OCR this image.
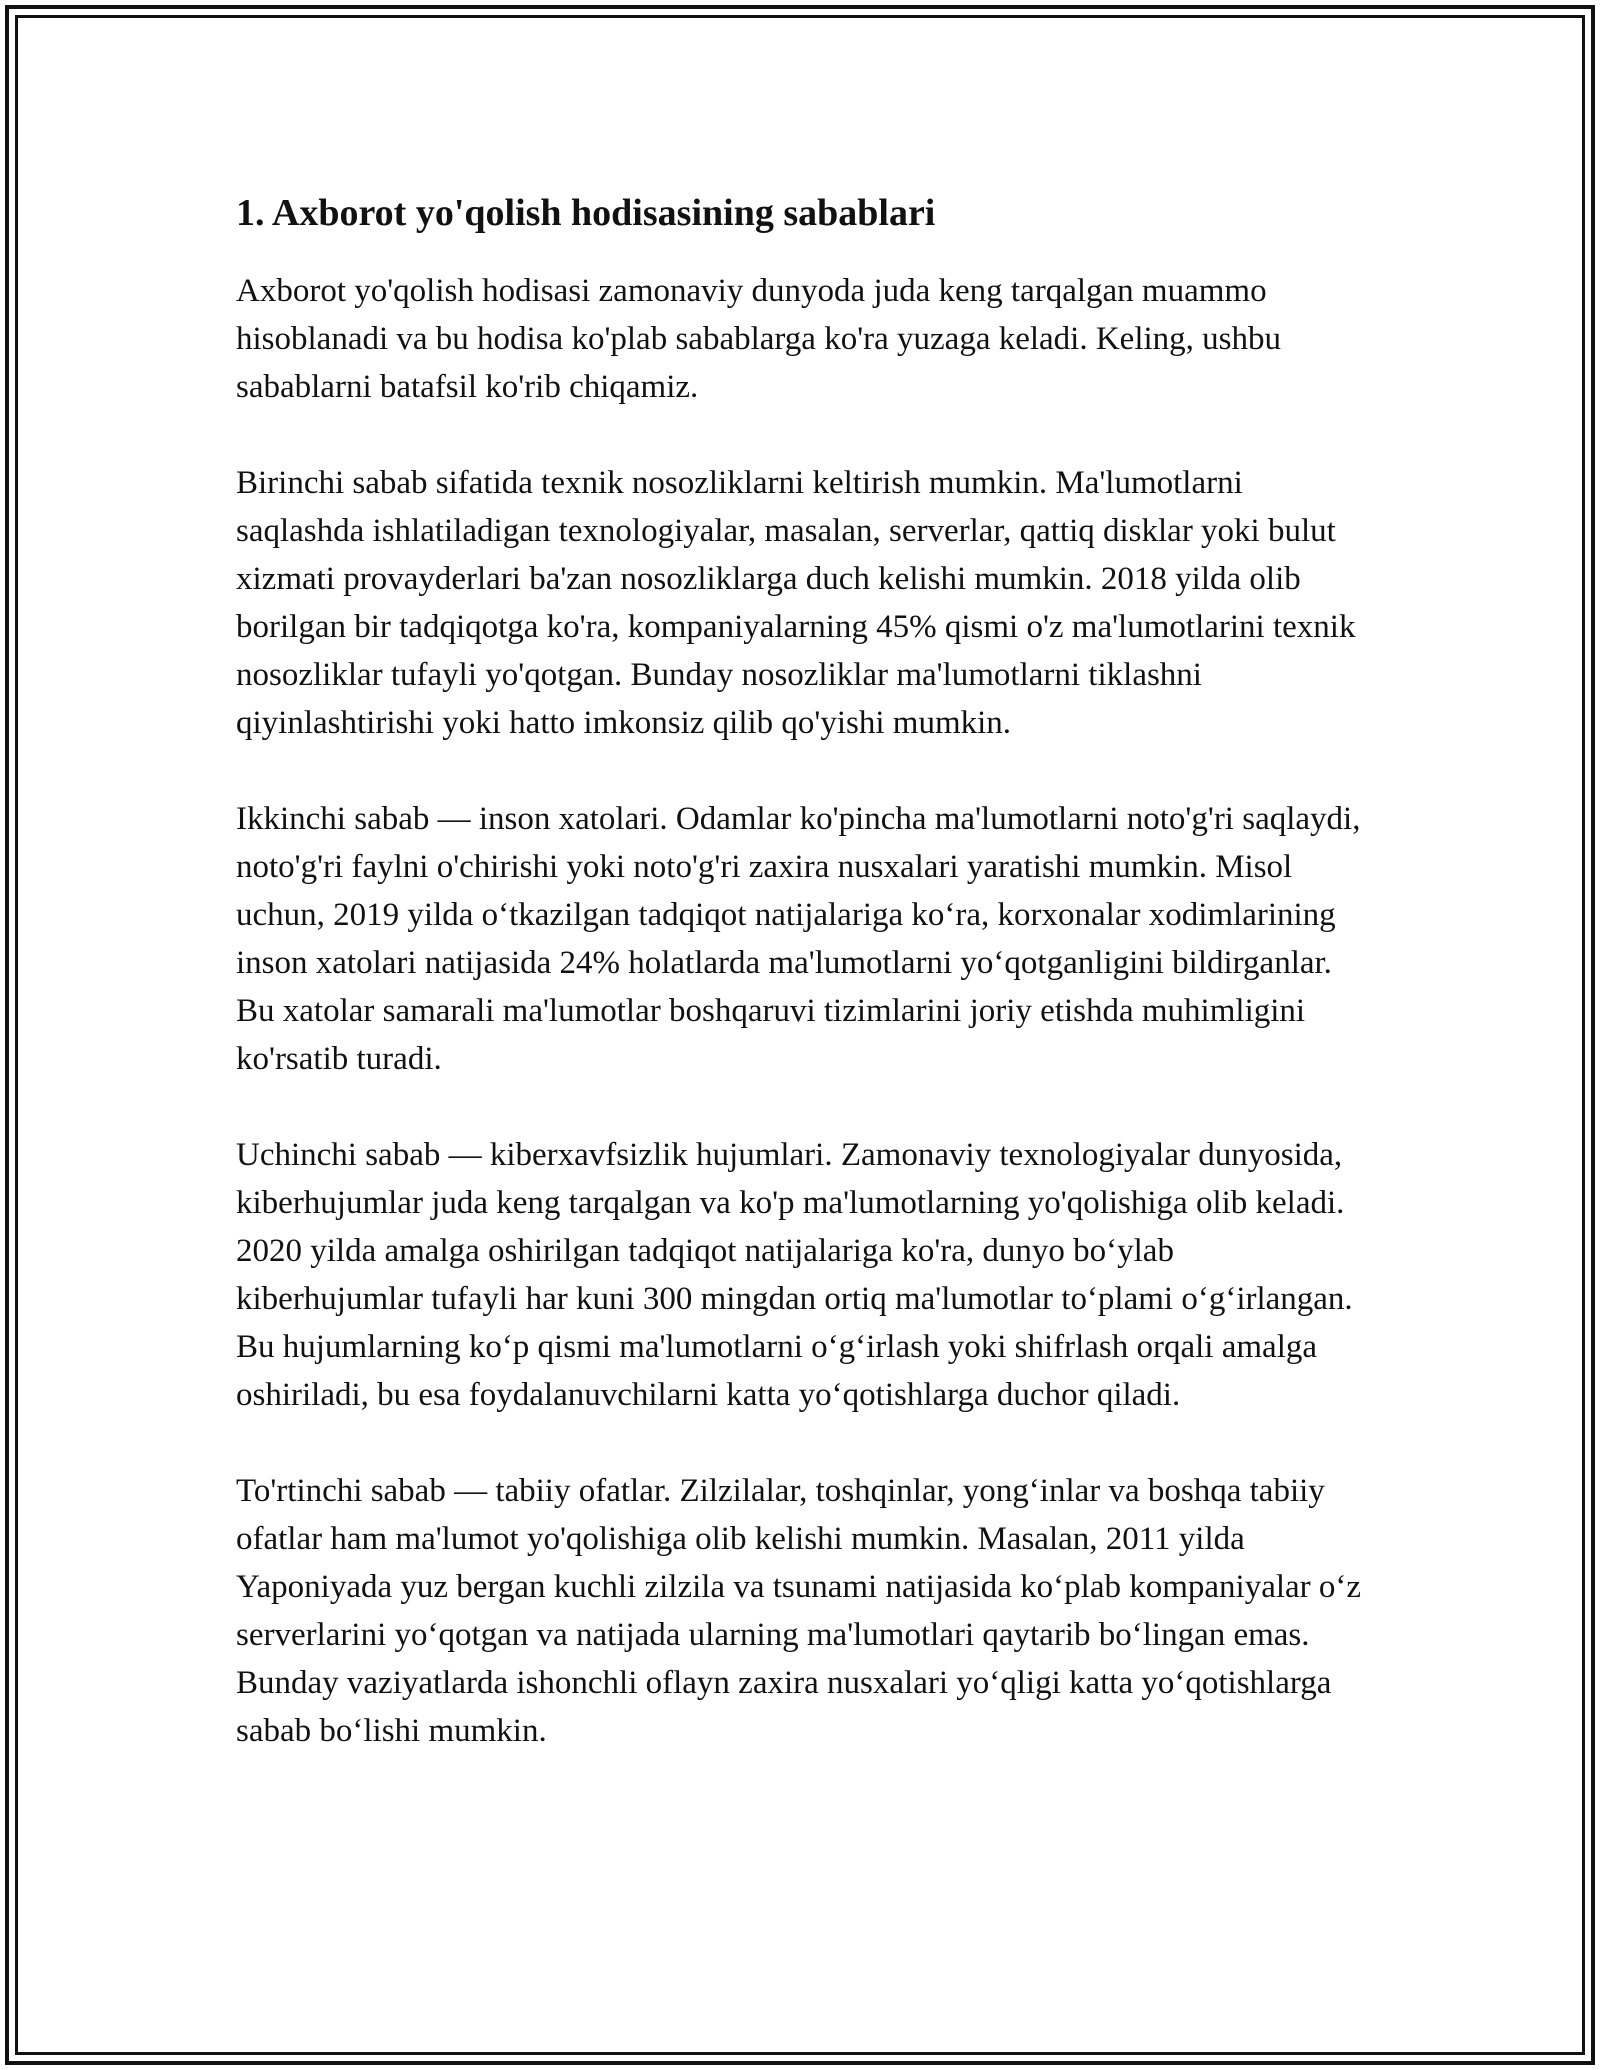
1. Axborot yo'qolish hodisasining sabablari

Axborot yo'qolish hodisasi zamonaviy dunyoda juda keng tarqalgan muammo hisoblanadi va bu hodisa ko'plab sabablarga ko'ra yuzaga keladi. Keling, ushbu sabablarni batafsil ko'rib chiqamiz.

Birinchi sabab sifatida texnik nosozliklarni keltirish mumkin. Ma'lumotlarni saqlashda ishlatiladigan texnologiyalar, masalan, serverlar, qattiq disklar yoki bulut xizmati provayderlari ba'zan nosozliklarga duch kelishi mumkin. 2018 yilda olib borilgan bir tadqiqotga ko'ra, kompaniyalarning 45% qismi o'z ma'lumotlarini texnik nosozliklar tufayli yo'qotgan. Bunday nosozliklar ma'lumotlarni tiklashni qiyinlashtirishi yoki hatto imkonsiz qilib qo'yishi mumkin.

Ikkinchi sabab — inson xatolari. Odamlar ko'pincha ma'lumotlarni noto'g'ri saqlaydi, noto'g'ri faylni o'chirishi yoki noto'g'ri zaxira nusxalari yaratishi mumkin. Misol uchun, 2019 yilda oʻtkazilgan tadqiqot natijalariga koʻra, korxonalar xodimlarining inson xatolari natijasida 24% holatlarda ma'lumotlarni yoʻqotganligini bildirganlar. Bu xatolar samarali ma'lumotlar boshqaruvi tizimlarini joriy etishda muhimligini ko'rsatib turadi.

Uchinchi sabab — kiberxavfsizlik hujumlari. Zamonaviy texnologiyalar dunyosida, kiberhujumlar juda keng tarqalgan va ko'p ma'lumotlarning yo'qolishiga olib keladi. 2020 yilda amalga oshirilgan tadqiqot natijalariga ko'ra, dunyo boʻylab kiberhujumlar tufayli har kuni 300 mingdan ortiq ma'lumotlar toʻplami oʻgʻirlangan. Bu hujumlarning koʻp qismi ma'lumotlarni oʻgʻirlash yoki shifrlash orqali amalga oshiriladi, bu esa foydalanuvchilarni katta yoʻqotishlarga duchor qiladi.

To'rtinchi sabab — tabiiy ofatlar. Zilzilalar, toshqinlar, yongʻinlar va boshqa tabiiy ofatlar ham ma'lumot yo'qolishiga olib kelishi mumkin. Masalan, 2011 yilda Yaponiyada yuz bergan kuchli zilzila va tsunami natijasida koʻplab kompaniyalar oʻz serverlarini yoʻqotgan va natijada ularning ma'lumotlari qaytarib boʻlingan emas. Bunday vaziyatlarda ishonchli oflayn zaxira nusxalari yoʻqligi katta yoʻqotishlarga sabab boʻlishi mumkin.
